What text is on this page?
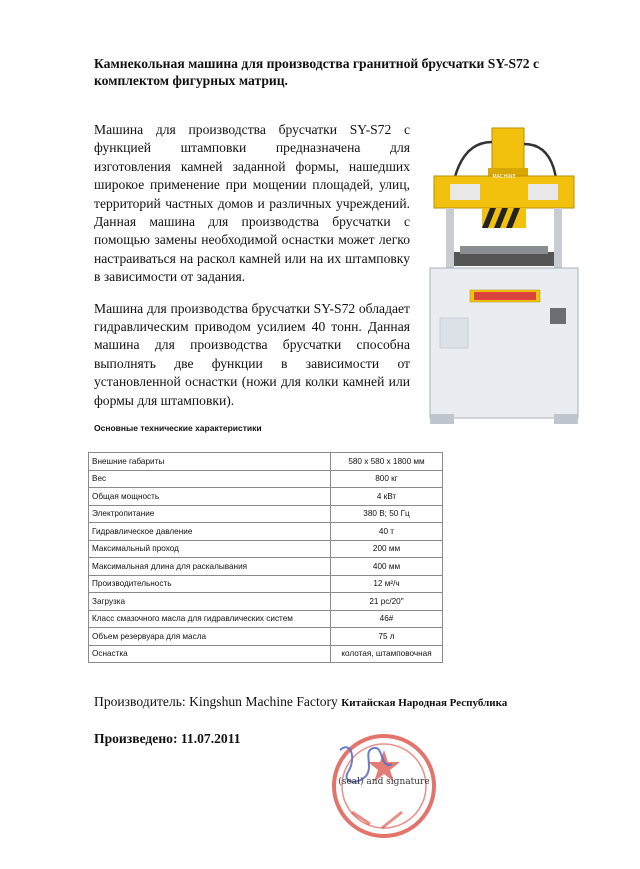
Камнекольная машина для производства гранитной брусчатки SY-S72 с комплектом фигурных матриц.

Машина для производства брусчатки SY-S72 с функцией штамповки предназначена для изготовления камней заданной формы, нашедших широкое применение при мощении площадей, улиц, территорий частных домов и различных учреждений. Данная машина для производства брусчатки с помощью замены необходимой оснастки может легко настраиваться на раскол камней или на их штамповку в зависимости от задания.

Машина для производства брусчатки SY-S72 обладает гидравлическим приводом усилием 40 тонн. Данная машина для производства брусчатки способна выполнять две функции в зависимости от установленной оснастки (ножи для колки камней или формы для штамповки).

MACHINE
Основные технические характеристики
Внешние габариты	580 x 580 x 1800 мм
Вес	800 кг
Общая мощность	4 кВт
Электропитание	380 В; 50 Гц
Гидравлическое давление	40 т
Максимальный проход	200 мм
Максимальная длина для раскалывания	400 мм
Производительность	12 м²/ч
Загрузка	21 pc/20"
Класс смазочного масла для гидравлических систем	46#
Объем резервуара для масла	75 л
Оснастка	колотая, штамповочная
Производитель: Kingshun Machine Factory Китайская Народная Республика
Произведено: 11.07.2011
(seal) and signature
